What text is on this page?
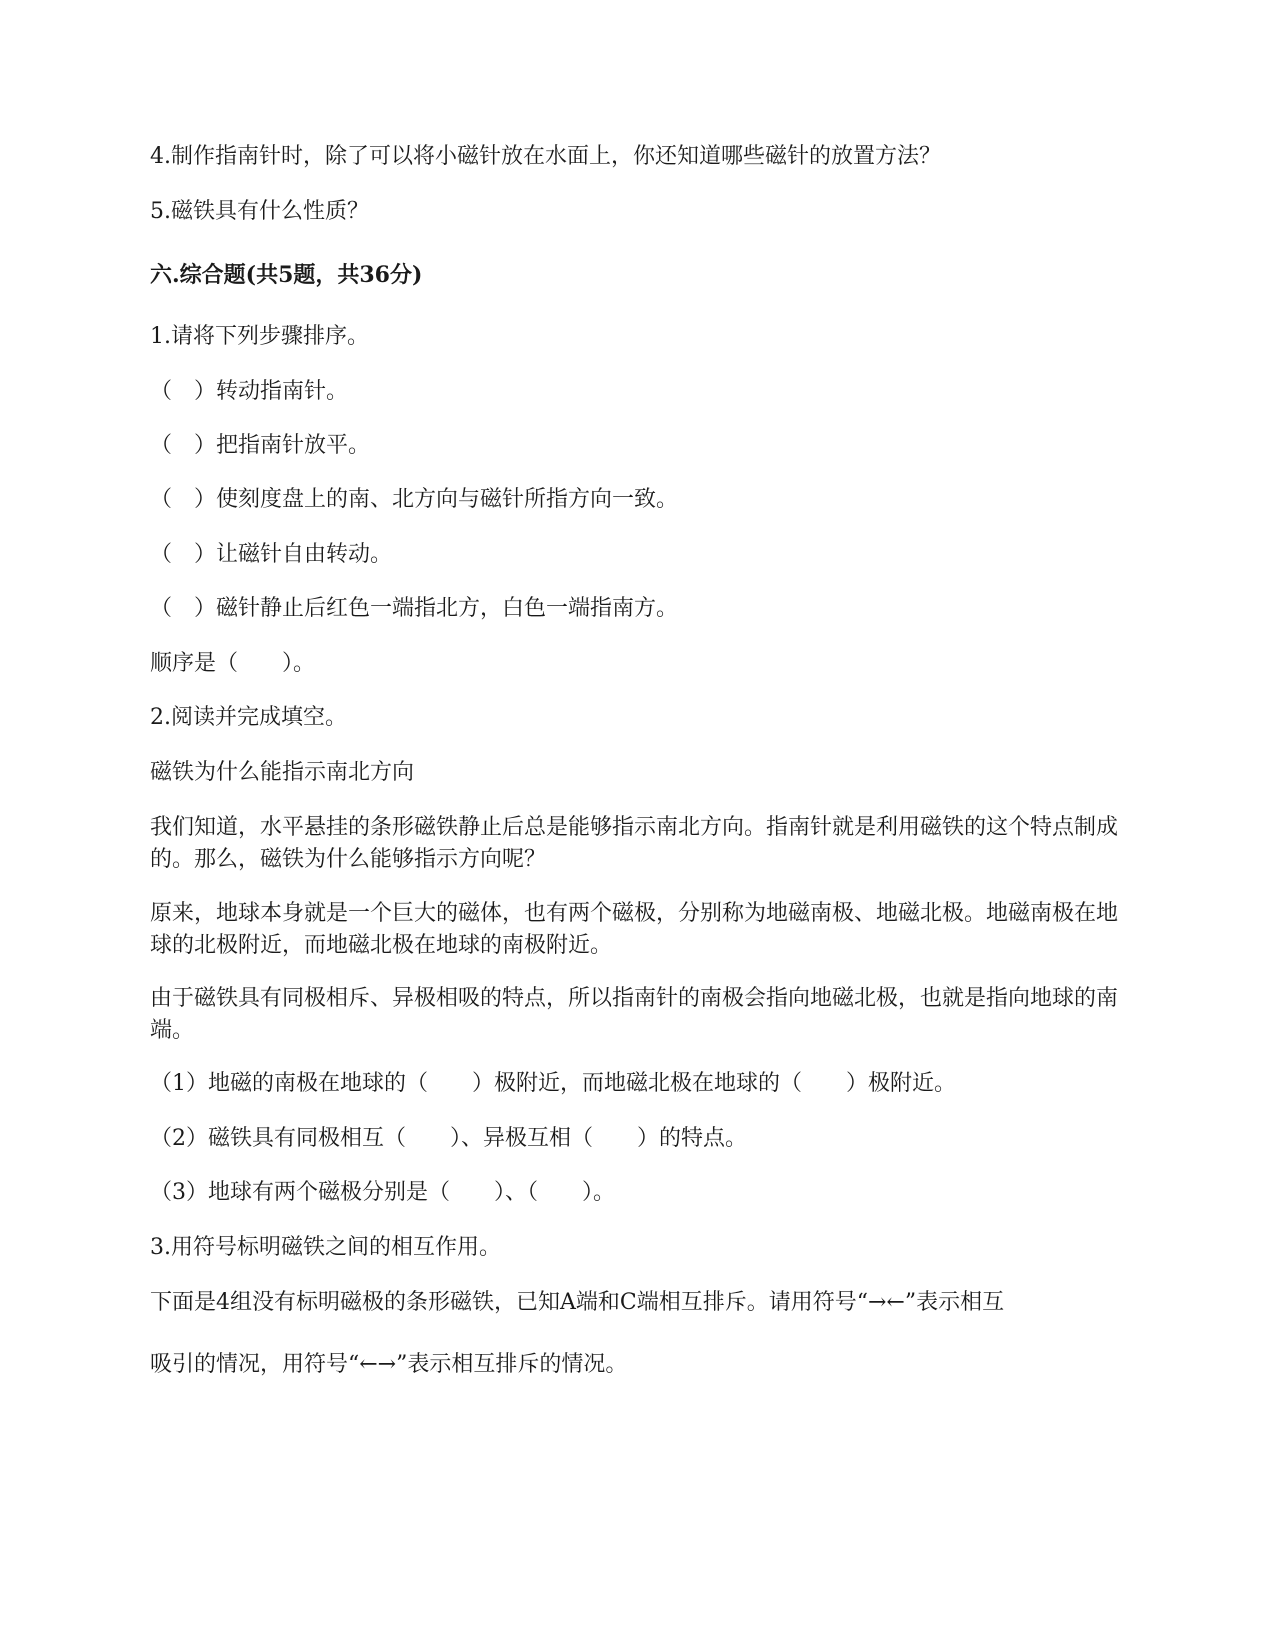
4.制作指南针时，除了可以将小磁针放在水面上，你还知道哪些磁针的放置方法？
5.磁铁具有什么性质？
六.综合题(共5题，共36分)
1.请将下列步骤排序。
（　）转动指南针。
（　）把指南针放平。
（　）使刻度盘上的南、北方向与磁针所指方向一致。
（　）让磁针自由转动。
（　）磁针静止后红色一端指北方，白色一端指南方。
顺序是（　　）。
2.阅读并完成填空。
磁铁为什么能指示南北方向
我们知道，水平悬挂的条形磁铁静止后总是能够指示南北方向。指南针就是利用磁铁的这个特点制成的。那么，磁铁为什么能够指示方向呢？
原来，地球本身就是一个巨大的磁体，也有两个磁极，分别称为地磁南极、地磁北极。地磁南极在地球的北极附近，而地磁北极在地球的南极附近。
由于磁铁具有同极相斥、异极相吸的特点，所以指南针的南极会指向地磁北极，也就是指向地球的南端。
（1）地磁的南极在地球的（　　）极附近，而地磁北极在地球的（　　）极附近。
（2）磁铁具有同极相互（　　）、异极互相（　　）的特点。
（3）地球有两个磁极分别是（　　）、（　　）。
3.用符号标明磁铁之间的相互作用。
下面是4组没有标明磁极的条形磁铁，已知A端和C端相互排斥。请用符号“→←”表示相互
吸引的情况，用符号“←→”表示相互排斥的情况。
